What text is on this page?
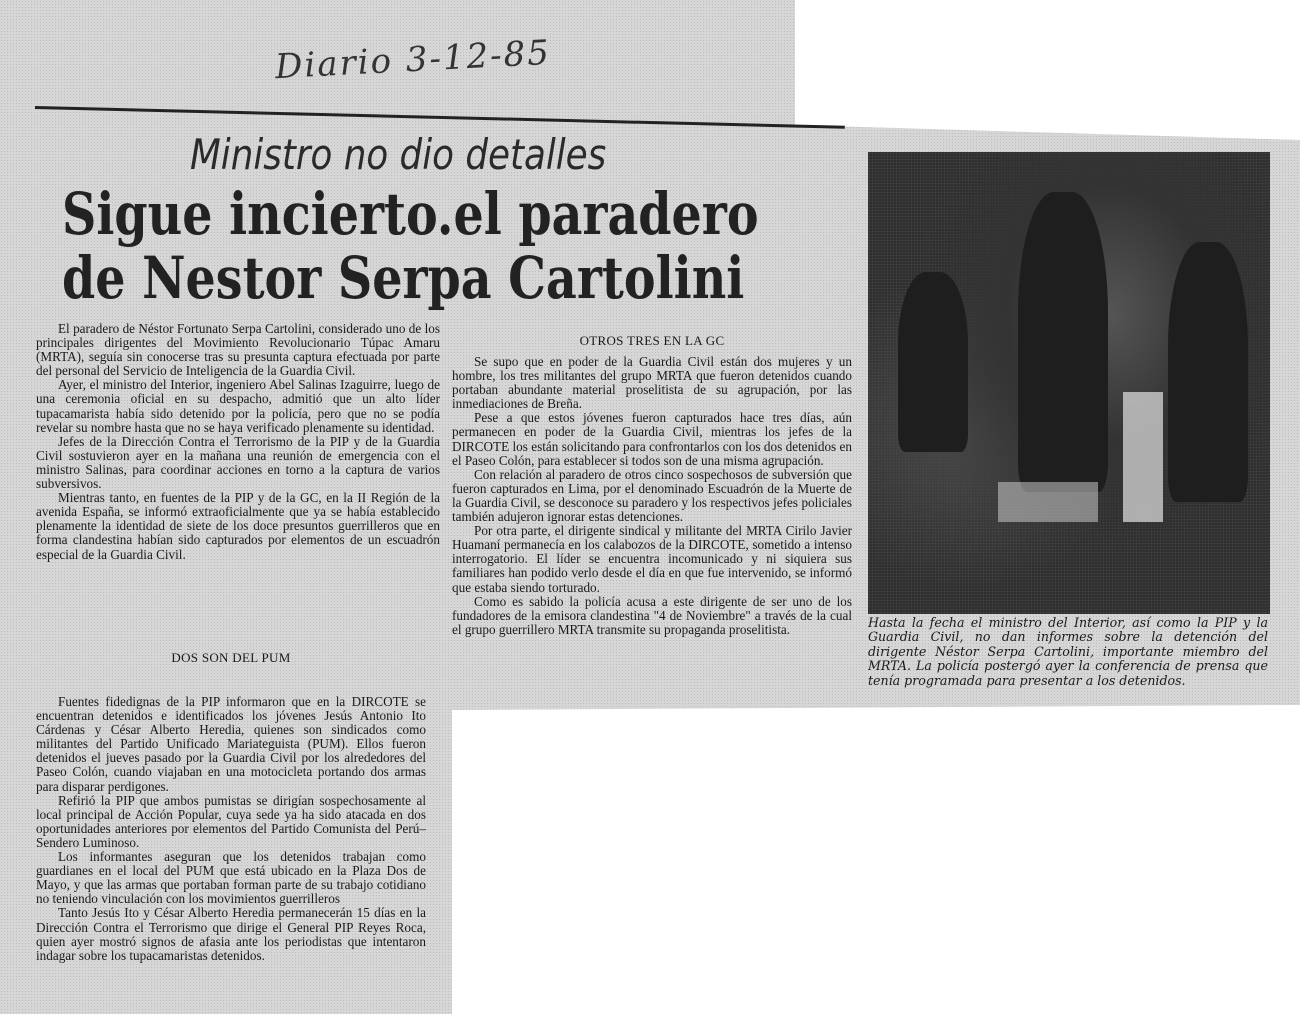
Diario 3-12-85
Ministro no dio detalles
Sigue incierto.el paradero de Nestor Serpa Cartolini

El paradero de Néstor Fortunato Serpa Cartolini, considerado uno de los principales dirigentes del Movimiento Revolucionario Túpac Amaru (MRTA), seguía sin conocerse tras su presunta captura efectuada por parte del personal del Servicio de Inteligencia de la Guardia Civil.

Ayer, el ministro del Interior, ingeniero Abel Salinas Izaguirre, luego de una ceremonia oficial en su despacho, admitió que un alto líder tupacamarista había sido detenido por la policía, pero que no se podía revelar su nombre hasta que no se haya verificado plenamente su identidad.

Jefes de la Dirección Contra el Terrorismo de la PIP y de la Guardia Civil sostuvieron ayer en la mañana una reunión de emergencia con el ministro Salinas, para coordinar acciones en torno a la captura de varios subversivos.

Mientras tanto, en fuentes de la PIP y de la GC, en la II Región de la avenida España, se informó extraoficialmente que ya se había establecido plenamente la identidad de siete de los doce presuntos guerrilleros que en forma clandestina habían sido capturados por elementos de un escuadrón especial de la Guardia Civil.

DOS SON DEL PUM

Fuentes fidedignas de la PIP informaron que en la DIRCOTE se encuentran detenidos e identificados los jóvenes Jesús Antonio Ito Cárdenas y César Alberto Heredia, quienes son sindicados como militantes del Partido Unificado Mariateguista (PUM). Ellos fueron detenidos el jueves pasado por la Guardia Civil por los alrededores del Paseo Colón, cuando viajaban en una motocicleta portando dos armas para disparar perdigones.

Refirió la PIP que ambos pumistas se dirigían sospechosamente al local principal de Acción Popular, cuya sede ya ha sido atacada en dos oportunidades anteriores por elementos del Partido Comunista del Perú–Sendero Luminoso.

Los informantes aseguran que los detenidos trabajan como guardianes en el local del PUM que está ubicado en la Plaza Dos de Mayo, y que las armas que portaban forman parte de su trabajo cotidiano no teniendo vinculación con los movimientos guerrilleros

Tanto Jesús Ito y César Alberto Heredia permanecerán 15 días en la Dirección Contra el Terrorismo que dirige el General PIP Reyes Roca, quien ayer mostró signos de afasia ante los periodistas que intentaron indagar sobre los tupacamaristas detenidos.

OTROS TRES EN LA GC

Se supo que en poder de la Guardia Civil están dos mujeres y un hombre, los tres militantes del grupo MRTA que fueron detenidos cuando portaban abundante material proselitista de su agrupación, por las inmediaciones de Breña.

Pese a que estos jóvenes fueron capturados hace tres días, aún permanecen en poder de la Guardia Civil, mientras los jefes de la DIRCOTE los están solicitando para confrontarlos con los dos detenidos en el Paseo Colón, para establecer si todos son de una misma agrupación.

Con relación al paradero de otros cinco sospechosos de subversión que fueron capturados en Lima, por el denominado Escuadrón de la Muerte de la Guardia Civil, se desconoce su paradero y los respectivos jefes policiales también adujeron ignorar estas detenciones.

Por otra parte, el dirigente sindical y militante del MRTA Cirilo Javier Huamaní permanecía en los calabozos de la DIRCOTE, sometido a intenso interrogatorio. El líder se encuentra incomunicado y ni siquiera sus familiares han podido verlo desde el día en que fue intervenido, se informó que estaba siendo torturado.

Como es sabido la policía acusa a este dirigente de ser uno de los fundadores de la emisora clandestina "4 de Noviembre" a través de la cual el grupo guerrillero MRTA transmite su propaganda proselitista.	Hasta la fecha el ministro del Interior, así como la PIP y la Guardia Civil, no dan informes sobre la detención del dirigente Néstor Serpa Cartolini, importante miembro del MRTA. La policía postergó ayer la conferencia de prensa que tenía programada para presentar a los detenidos.
